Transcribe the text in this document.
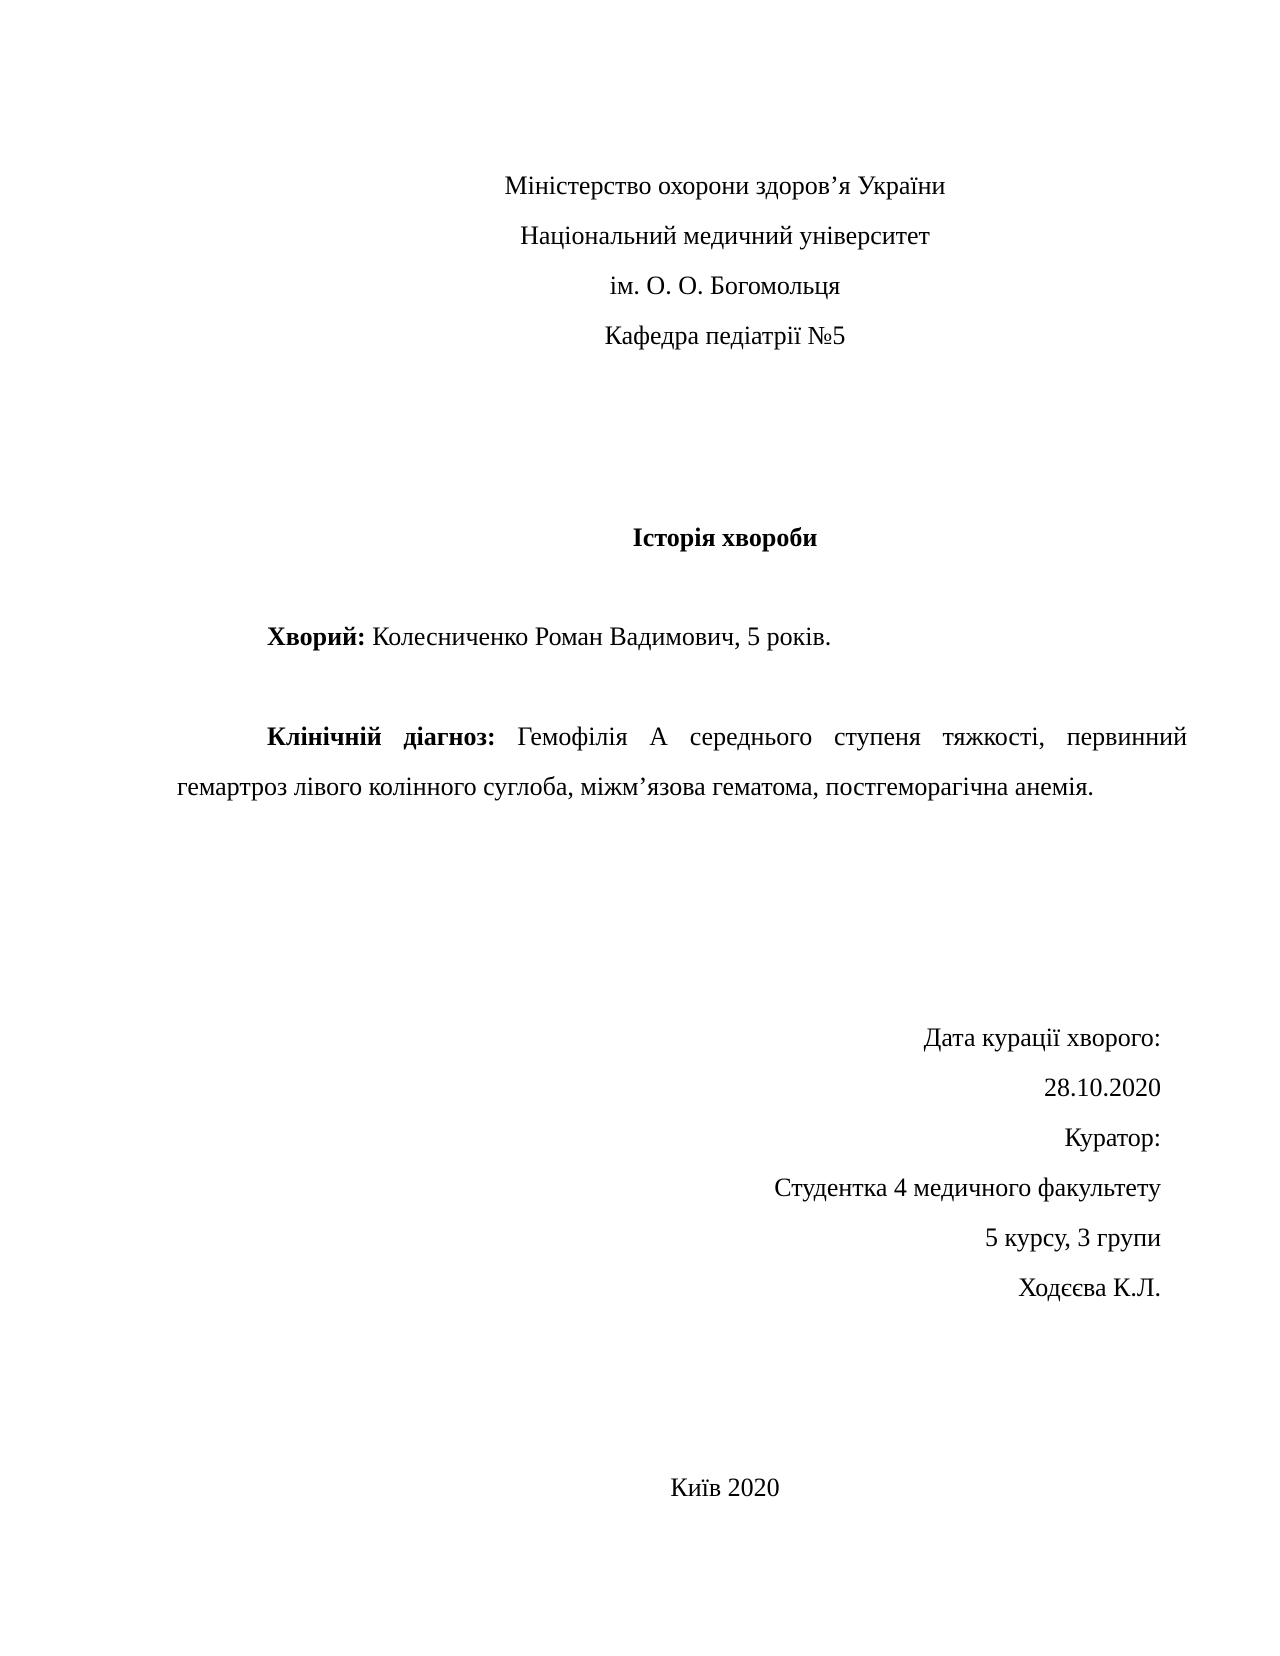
Міністерство охорони здоров’я України
Національний медичний університет
ім. О. О. Богомольця
Кафедра педіатрії №5
Історія хвороби
Хворий: Колесниченко Роман Вадимович, 5 років.
Клінічній діагноз: Гемофілія А середнього ступеня тяжкості, первинний гемартроз лівого колінного суглоба, міжм’язова гематома, постгеморагічна анемія.
Дата курації хворого:
28.10.2020
Куратор:
Студентка 4 медичного факультету
5 курсу, 3 групи
Ходєєва К.Л.
Київ 2020
